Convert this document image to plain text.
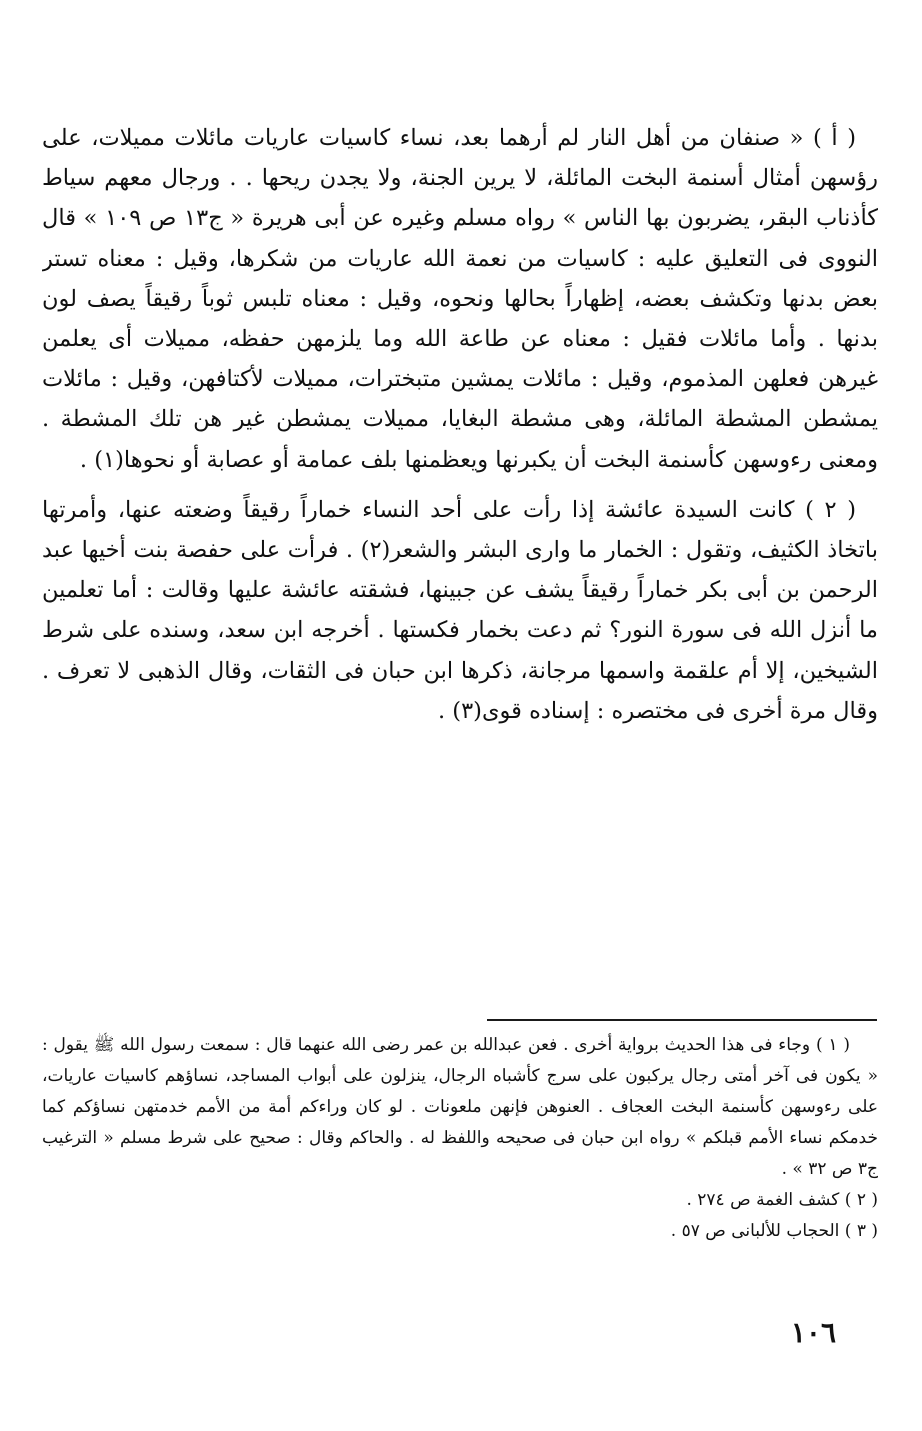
( أ ) « صنفان من أهل النار لم أرهما بعد، نساء كاسيات عاريات مائلات مميلات، على رؤسهن أمثال أسنمة البخت المائلة، لا يرين الجنة، ولا يجدن ريحها . . ورجال معهم سياط كأذناب البقر، يضربون بها الناس » رواه مسلم وغيره عن أبى هريرة « ج١٣ ص ١٠٩ » قال النووى فى التعليق عليه : كاسيات من نعمة الله عاريات من شكرها، وقيل : معناه تستر بعض بدنها وتكشف بعضه، إظهاراً بحالها ونحوه، وقيل : معناه تلبس ثوباً رقيقاً يصف لون بدنها . وأما مائلات فقيل : معناه عن طاعة الله وما يلزمهن حفظه، مميلات أى يعلمن غيرهن فعلهن المذموم، وقيل : مائلات يمشين متبخترات، مميلات لأكتافهن، وقيل : مائلات يمشطن المشطة المائلة، وهى مشطة البغايا، مميلات يمشطن غير هن تلك المشطة . ومعنى رءوسهن كأسنمة البخت أن يكبرنها ويعظمنها بلف عمامة أو عصابة أو نحوها(١) .

( ٢ ) كانت السيدة عائشة إذا رأت على أحد النساء خماراً رقيقاً وضعته عنها، وأمرتها باتخاذ الكثيف، وتقول : الخمار ما وارى البشر والشعر(٢) . فرأت على حفصة بنت أخيها عبد الرحمن بن أبى بكر خماراً رقيقاً يشف عن جبينها، فشقته عائشة عليها وقالت : أما تعلمين ما أنزل الله فى سورة النور؟ ثم دعت بخمار فكستها . أخرجه ابن سعد، وسنده على شرط الشيخين، إلا أم علقمة واسمها مرجانة، ذكرها ابن حبان فى الثقات، وقال الذهبى لا تعرف . وقال مرة أخرى فى مختصره : إسناده قوى(٣) .

( ١ ) وجاء فى هذا الحديث برواية أخرى . فعن عبدالله بن عمر رضى الله عنهما قال : سمعت رسول الله ﷺ يقول : « يكون فى آخر أمتى رجال يركبون على سرج كأشباه الرجال، ينزلون على أبواب المساجد، نساؤهم كاسيات عاريات، على رءوسهن كأسنمة البخت العجاف . العنوهن فإنهن ملعونات . لو كان وراءكم أمة من الأمم خدمتهن نساؤكم كما خدمكم نساء الأمم قبلكم » رواه ابن حبان فى صحيحه واللفظ له . والحاكم وقال : صحيح على شرط مسلم « الترغيب ج٣ ص ٣٢ » .

( ٢ ) كشف الغمة ص ٢٧٤ .

( ٣ ) الحجاب للألبانى ص ٥٧ .

١٠٦
